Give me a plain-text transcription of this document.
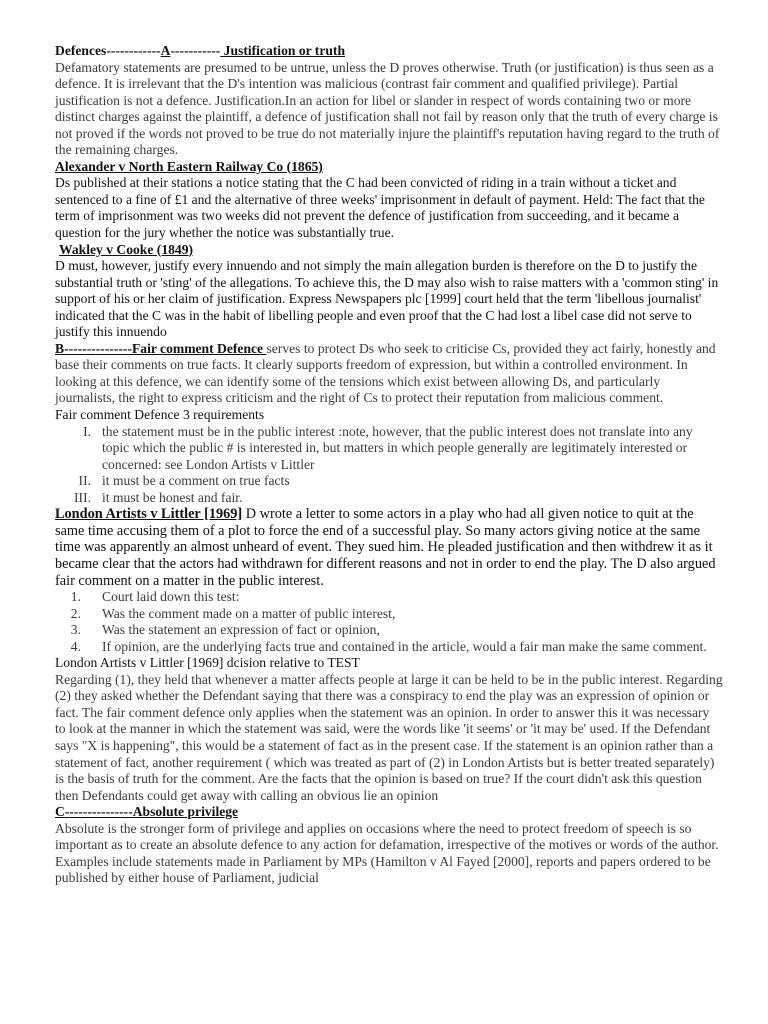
Defences------------A----------- Justification or truth

Defamatory statements are presumed to be untrue, unless the D proves otherwise. Truth (or justification) is thus seen as a defence. It is irrelevant that the D's intention was malicious (contrast fair comment and qualified privilege). Partial justification is not a defence. Justification.In an action for libel or slander in respect of words containing two or more distinct charges against the plaintiff, a defence of justification shall not fail by reason only that the truth of every charge is not proved if the words not proved to be true do not materially injure the plaintiff's reputation having regard to the truth of the remaining charges.

Alexander v North Eastern Railway Co (1865)

Ds published at their stations a notice stating that the C had been convicted of riding in a train without a ticket and sentenced to a fine of £1 and the alternative of three weeks' imprisonment in default of payment. Held: The fact that the term of imprisonment was two weeks did not prevent the defence of justification from succeeding, and it became a question for the jury whether the notice was substantially true.

Wakley v Cooke (1849)

D must, however, justify every innuendo and not simply the main allegation burden is therefore on the D to justify the substantial truth or 'sting' of the allegations. To achieve this, the D may also wish to raise matters with a 'common sting' in support of his or her claim of justification. Express Newspapers plc [1999] court held that the term 'libellous journalist' indicated that the C was in the habit of libelling people and even proof that the C had lost a libel case did not serve to justify this innuendo

B---------------Fair comment Defence serves to protect Ds who seek to criticise Cs, provided they act fairly, honestly and base their comments on true facts. It clearly supports freedom of expression, but within a controlled environment. In looking at this defence, we can identify some of the tensions which exist between allowing Ds, and particularly journalists, the right to express criticism and the right of Cs to protect their reputation from malicious comment.

Fair comment Defence 3 requirements

I. the statement must be in the public interest :note, however, that the public interest does not translate into any topic which the public # is interested in, but matters in which people generally are legitimately interested or concerned: see London Artists v Littler
II. it must be a comment on true facts
III. it must be honest and fair.

London Artists v Littler [1969] D wrote a letter to some actors in a play who had all given notice to quit at the same time accusing them of a plot to force the end of a successful play. So many actors giving notice at the same time was apparently an almost unheard of event. They sued him. He pleaded justification and then withdrew it as it became clear that the actors had withdrawn for different reasons and not in order to end the play. The D also argued fair comment on a matter in the public interest.

1. Court laid down this test:
2. Was the comment made on a matter of public interest,
3. Was the statement an expression of fact or opinion,
4. If opinion, are the underlying facts true and contained in the article, would a fair man make the same comment.

London Artists v Littler [1969] dcision relative to TEST

Regarding (1), they held that whenever a matter affects people at large it can be held to be in the public interest. Regarding (2) they asked whether the Defendant saying that there was a conspiracy to end the play was an expression of opinion or fact. The fair comment defence only applies when the statement was an opinion. In order to answer this it was necessary to look at the manner in which the statement was said, were the words like 'it seems' or 'it may be' used. If the Defendant says "X is happening", this would be a statement of fact as in the present case. If the statement is an opinion rather than a statement of fact, another requirement ( which was treated as part of (2) in London Artists but is better treated separately) is the basis of truth for the comment. Are the facts that the opinion is based on true? If the court didn't ask this question then Defendants could get away with calling an obvious lie an opinion

C---------------Absolute privilege

Absolute is the stronger form of privilege and applies on occasions where the need to protect freedom of speech is so important as to create an absolute defence to any action for defamation, irrespective of the motives or words of the author. Examples include statements made in Parliament by MPs (Hamilton v Al Fayed [2000], reports and papers ordered to be published by either house of Parliament, judicial
